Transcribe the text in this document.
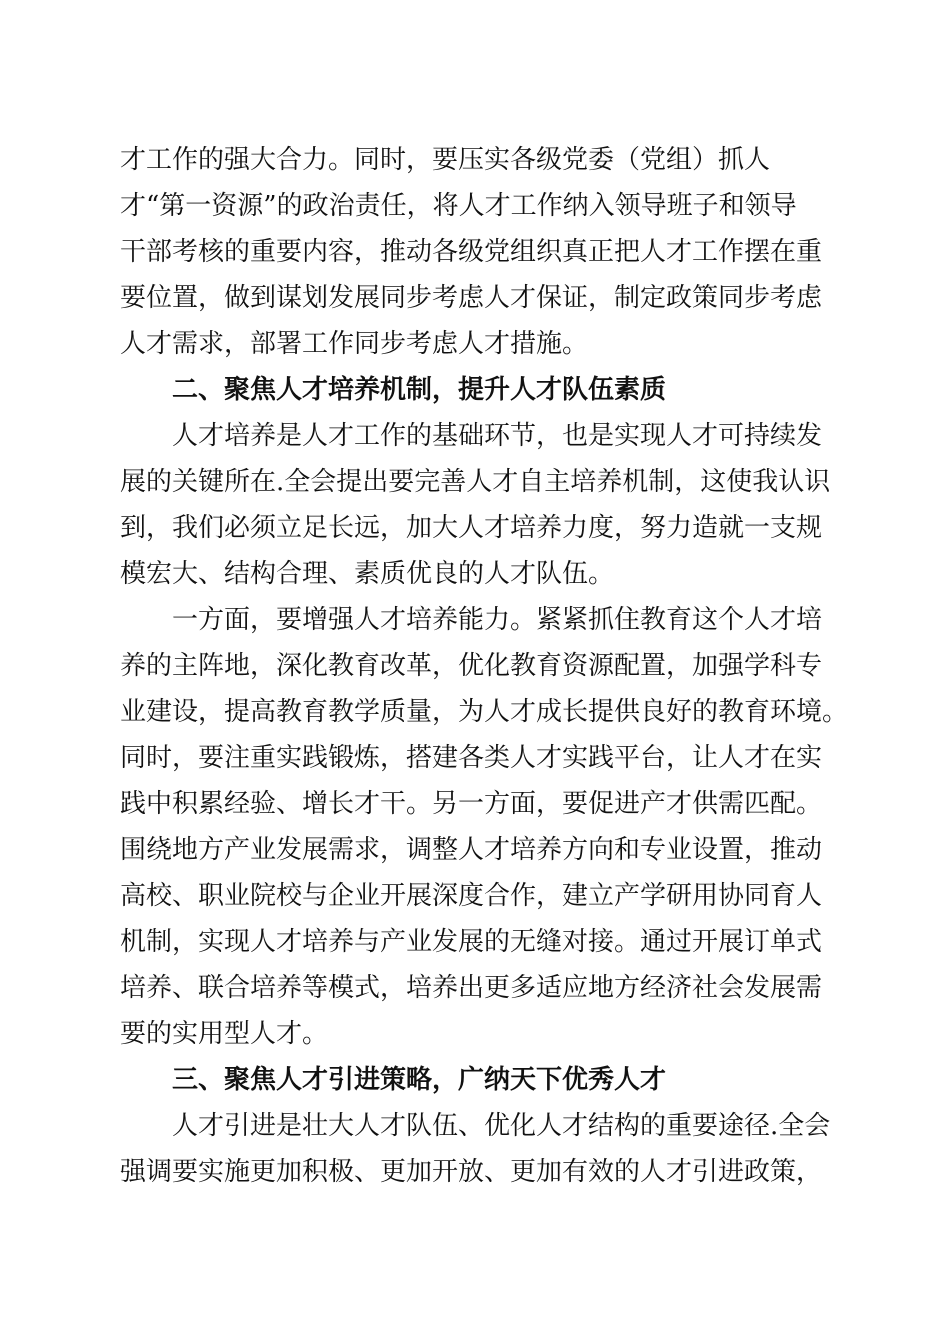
才工作的强大合力。同时，要压实各级党委（党组）抓人
才“第一资源”的政治责任，将人才工作纳入领导班子和领导
干部考核的重要内容，推动各级党组织真正把人才工作摆在重
要位置，做到谋划发展同步考虑人才保证，制定政策同步考虑
人才需求，部署工作同步考虑人才措施。
二、聚焦人才培养机制，提升人才队伍素质
人才培养是人才工作的基础环节，也是实现人才可持续发
展的关键所在.全会提出要完善人才自主培养机制，这使我认识
到，我们必须立足长远，加大人才培养力度，努力造就一支规
模宏大、结构合理、素质优良的人才队伍。
一方面，要增强人才培养能力。紧紧抓住教育这个人才培
养的主阵地，深化教育改革，优化教育资源配置，加强学科专
业建设，提高教育教学质量，为人才成长提供良好的教育环境。
同时，要注重实践锻炼，搭建各类人才实践平台，让人才在实
践中积累经验、增长才干。另一方面，要促进产才供需匹配。
围绕地方产业发展需求，调整人才培养方向和专业设置，推动
高校、职业院校与企业开展深度合作，建立产学研用协同育人
机制，实现人才培养与产业发展的无缝对接。通过开展订单式
培养、联合培养等模式，培养出更多适应地方经济社会发展需
要的实用型人才。
三、聚焦人才引进策略，广纳天下优秀人才
人才引进是壮大人才队伍、优化人才结构的重要途径.全会
强调要实施更加积极、更加开放、更加有效的人才引进政策，
